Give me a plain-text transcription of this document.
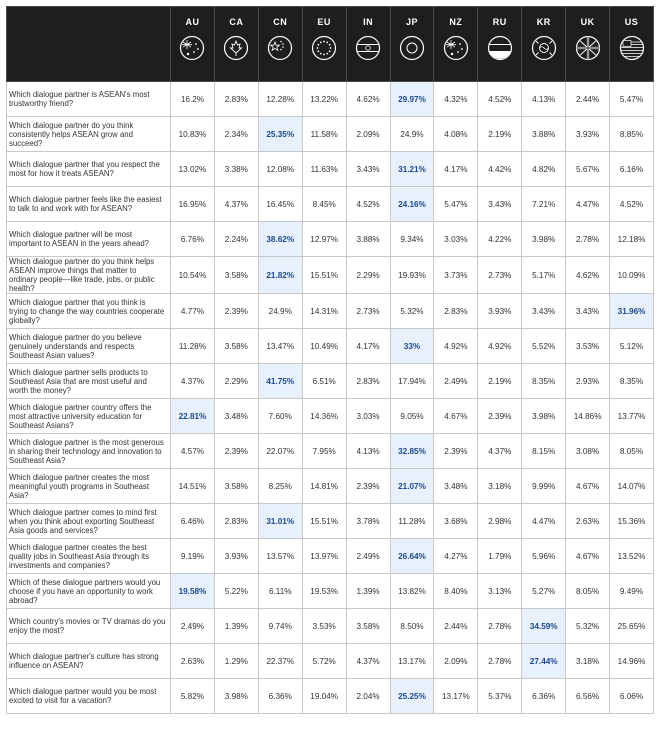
	AU	CA	CN	EU	IN	JP	NZ	RU	KR	UK	US

Which dialogue partner is ASEAN's most trustworthy friend?	16.2%	2.83%	12.28%	13.22%	4.62%	29.97%	4.32%	4.52%	4.13%	2.44%	5.47%
Which dialogue partner do you think consistently helps ASEAN grow and succeed?	10.83%	2.34%	25.35%	11.58%	2.09%	24.9%	4.08%	2.19%	3.88%	3.93%	8.85%
Which dialogue partner that you respect the most for how it treats ASEAN?	13.02%	3.38%	12.08%	11.63%	3.43%	31.21%	4.17%	4.42%	4.82%	5.67%	6.16%
Which dialogue partner feels like the easiest to talk to and work with for ASEAN?	16.95%	4.37%	16.45%	8.45%	4.52%	24.16%	5.47%	3.43%	7.21%	4.47%	4.52%
Which dialogue partner will be most important to ASEAN in the years ahead?	6.76%	2.24%	38.62%	12.97%	3.88%	9.34%	3.03%	4.22%	3.98%	2.78%	12.18%
Which dialogue partner do you think helps ASEAN improve things that matter to ordinary people—like trade, jobs, or public health?	10.54%	3.58%	21.82%	15.51%	2.29%	19.93%	3.73%	2.73%	5.17%	4.62%	10.09%
Which dialogue partner that you think is trying to change the way countries cooperate globally?	4.77%	2.39%	24.9%	14.31%	2.73%	5.32%	2.83%	3.93%	3.43%	3.43%	31.96%
Which dialogue partner do you believe genuinely understands and respects Southeast Asian values?	11.28%	3.58%	13.47%	10.49%	4.17%	33%	4.92%	4.92%	5.52%	3.53%	5.12%
Which dialogue partner sells products to Southeast Asia that are most useful and worth the money?	4.37%	2.29%	41.75%	6.51%	2.83%	17.94%	2.49%	2.19%	8.35%	2.93%	8.35%
Which dialogue partner country offers the most attractive university education for Southeast Asians?	22.81%	3.48%	7.60%	14.36%	3.03%	9.05%	4.67%	2.39%	3.98%	14.86%	13.77%
Which dialogue partner is the most generous in sharing their technology and innovation to Southeast Asia?	4.57%	2.39%	22.07%	7.95%	4.13%	32.85%	2.39%	4.37%	8.15%	3.08%	8.05%
Which dialogue partner creates the most meaningful youth programs in Southeast Asia?	14.51%	3.58%	8.25%	14.81%	2.39%	21.07%	3.48%	3.18%	9.99%	4.67%	14.07%
Which dialogue partner comes to mind first when you think about exporting Southeast Asia goods and services?	6.46%	2.83%	31.01%	15.51%	3.78%	11.28%	3.68%	2.98%	4.47%	2.63%	15.36%
Which dialogue partner creates the best quality jobs in Southeast Asia through its investments and companies?	9.19%	3.93%	13.57%	13.97%	2.49%	26.64%	4.27%	1.79%	5.96%	4.67%	13.52%
Which of these dialogue partners would you choose if you have an opportunity to work abroad?	19.58%	5.22%	6.11%	19.53%	1.39%	13.82%	8.40%	3.13%	5.27%	8.05%	9.49%
Which country's movies or TV dramas do you enjoy the most?	2.49%	1.39%	9.74%	3.53%	3.58%	8.50%	2.44%	2.78%	34.59%	5.32%	25.65%
Which dialogue partner's culture has strong influence on ASEAN?	2.63%	1.29%	22.37%	5.72%	4.37%	13.17%	2.09%	2.78%	27.44%	3.18%	14.96%
Which dialogue partner would you be most excited to visit for a vacation?	5.82%	3.98%	6.36%	19.04%	2.04%	25.25%	13.17%	5.37%	6.36%	6.56%	6.06%
